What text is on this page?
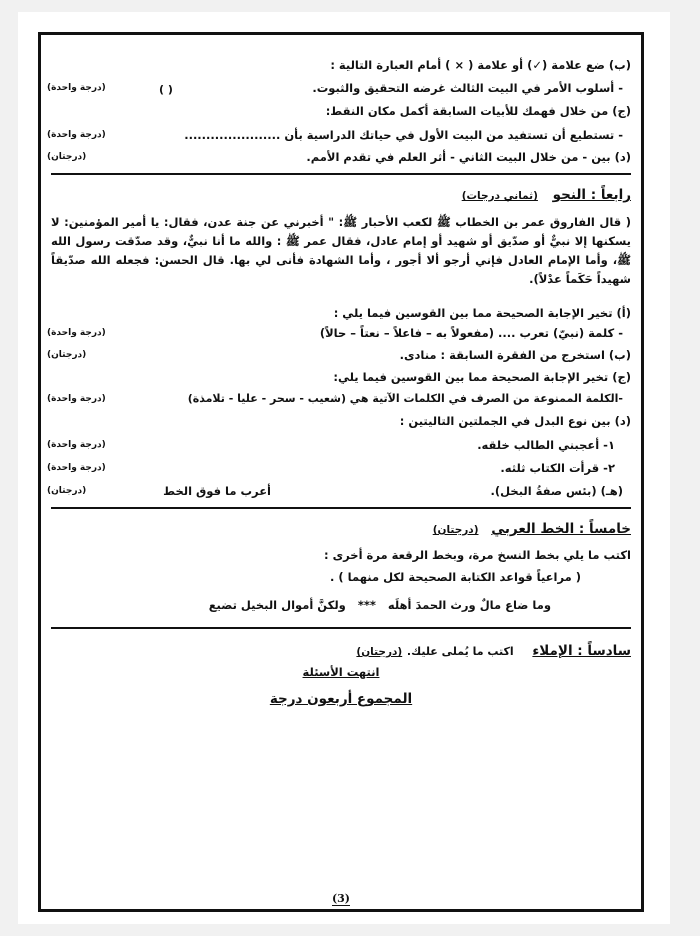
(ب) ضع علامة (✓) أو علامة ( × ) أمام العبارة التالية :
- أسلوب الأمر في البيت الثالث غرضه التحقيق والثبوت.
( )
(درجة واحدة)
(ج) من خلال فهمك للأبيات السابقة أكمل مكان النقط:
- تستطيع أن تستفيد من البيت الأول في حياتك الدراسية بأن ......................
(درجة واحدة)
(د) بين - من خلال البيت الثاني - أثر العلم في تقدم الأمم.
(درجتان)
رابعاً : النحو (ثماني درجات)
( قال الفاروق عمر بن الخطاب ﷺ لكعب الأحبار ﷺ: " أخبرني عن جنة عدن، فقال: يا أمير المؤمنين: لا يسكنها إلا نبيٌّ أو صدّيق أو شهيد أو إمام عادل، فقال عمر ﷺ : والله ما أنا نبيٌّ، وقد صدّقت رسول الله ﷺ، وأما الإمام العادل فإني أرجو ألا أجور ، وأما الشهادة فأنى لي بها. قال الحسن: فجعله الله صدّيقاً شهيداً حَكَماً عدْلاً).
(أ) تخير الإجابة الصحيحة مما بين القوسين فيما يلي :
- كلمة (نبيّ) تعرب .... (مفعولاً به – فاعلاً – نعتاً – حالاً)
(درجة واحدة)
(ب) استخرج من الفقرة السابقة : منادى.
(درجتان)
(ج) تخير الإجابة الصحيحة مما بين القوسين فيما يلي:
-الكلمة الممنوعة من الصرف في الكلمات الآتية هي (شعيب - سحر - عليا - تلامذة)
(درجة واحدة)
(د) بين نوع البدل في الجملتين التاليتين :
١- أعجبني الطالب خلقه.
(درجة واحدة)
٢- قرأت الكتاب ثلثه.
(درجة واحدة)
(هـ) (بئس صفةُ البخل).
أعرب ما فوق الخط
(درجتان)
خامساً : الخط العربي (درجتان)
اكتب ما يلي بخط النسخ مرة، وبخط الرقعة مرة أخرى :
( مراعياً قواعد الكتابة الصحيحة لكل منهما ) .
وما ضاع مالٌ ورث الحمدَ أهلَه *** ولكنَّ أموال البخيل تضيع
سادساً : الإملاء اكتب ما يُملى عليك. (درجتان)
انتهت الأسئلة
المجموع أربعون درجة
(3)
